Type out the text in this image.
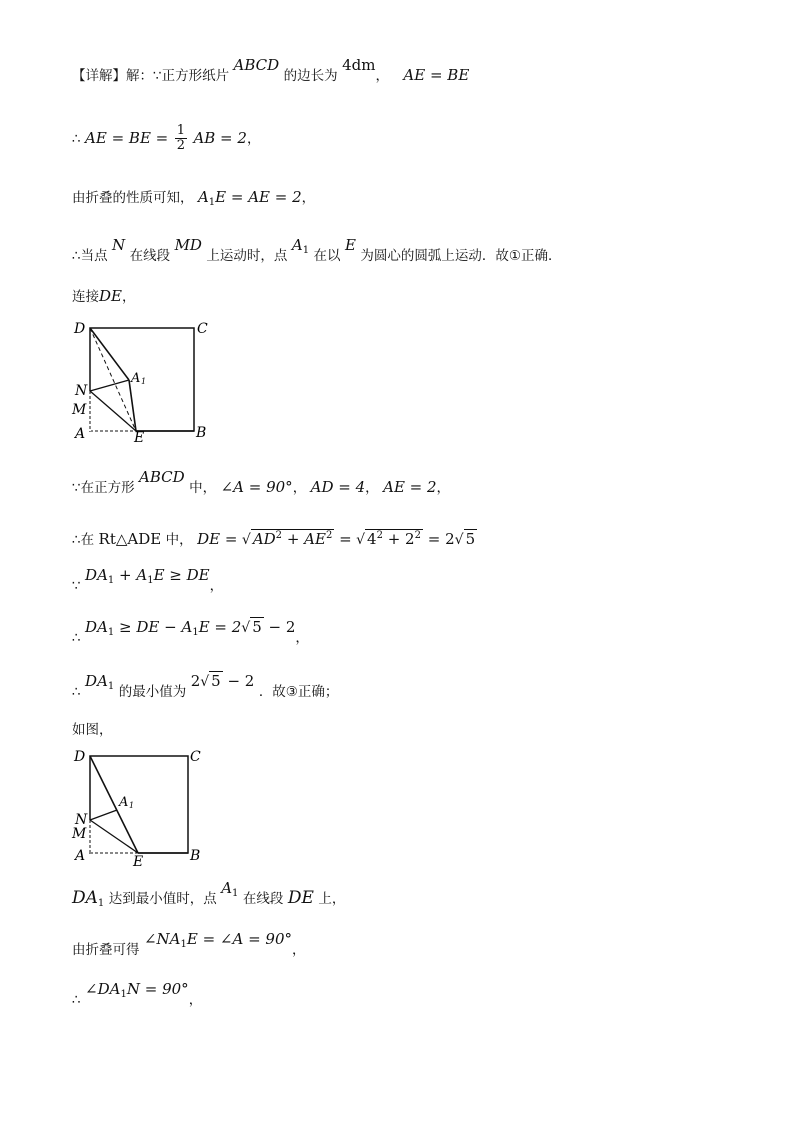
【详解】解：∵正方形纸片 ABCD 的边长为 4dm， AE = BE
∴ AE = BE = $\frac{1}{2}$ AB = 2，
由折叠的性质可知， $A_1E$ = AE = 2，
∴当点 N 在线段 MD 上运动时，点 $A^1$ 在以 E 为圆心的圆弧上运动．故①正确．
连接DE，
D	C
A 1
N
M
A	E	B
∵在正方形 ABCD 中， ∠A = 90°， AD = 4， AE = 2，
∴在 Rt△ADE 中， DE = √ $AD^2 + AE^2$ = √ $4^2 + 2^2 = 2√$ 5
∵ $DA^1 + A^1E$ ≥ DE，
∴ $DA^1$ ≥ DE − $A^1E = 2√$ 5 − 2，
∴ $DA^1$ 的最小值为 2√ 5 − 2 ．故③正确；
如图，
D	C
A 1
N
M
A	E	B
$DA_1$ 达到最小值时，点 $A^1$ 在线段 DE 上，
由折叠可得 $\angle NA^1E$ = ∠A = 90°，
∴ $\angle DA^1N = 90^\circ$，
